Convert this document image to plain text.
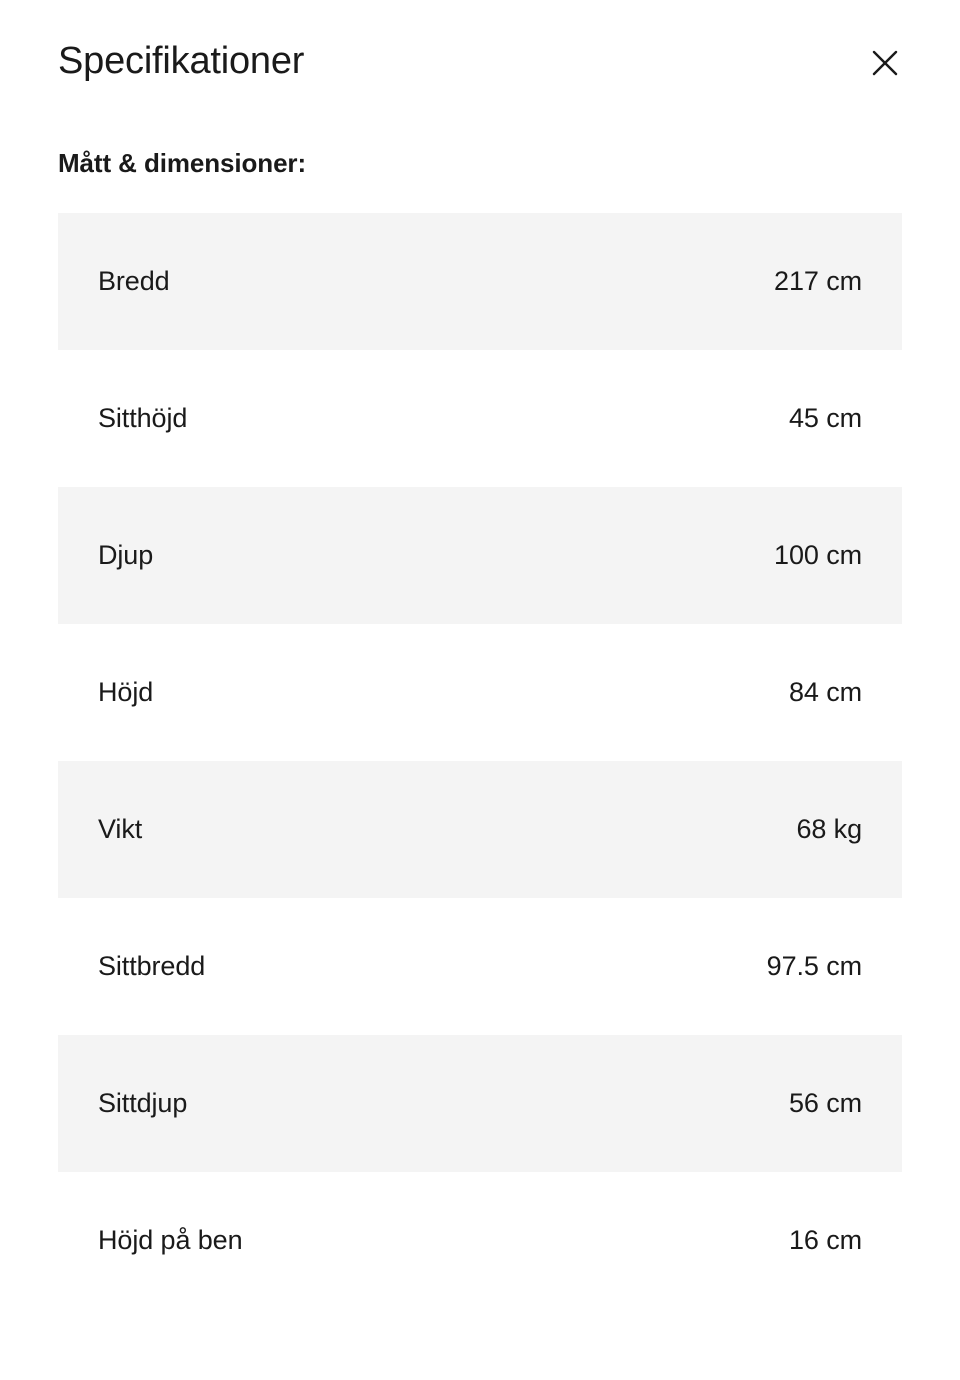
Specifikationer
Mått & dimensioner:
Bredd	217 cm
Sitthöjd	45 cm
Djup	100 cm
Höjd	84 cm
Vikt	68 kg
Sittbredd	97.5 cm
Sittdjup	56 cm
Höjd på ben	16 cm
